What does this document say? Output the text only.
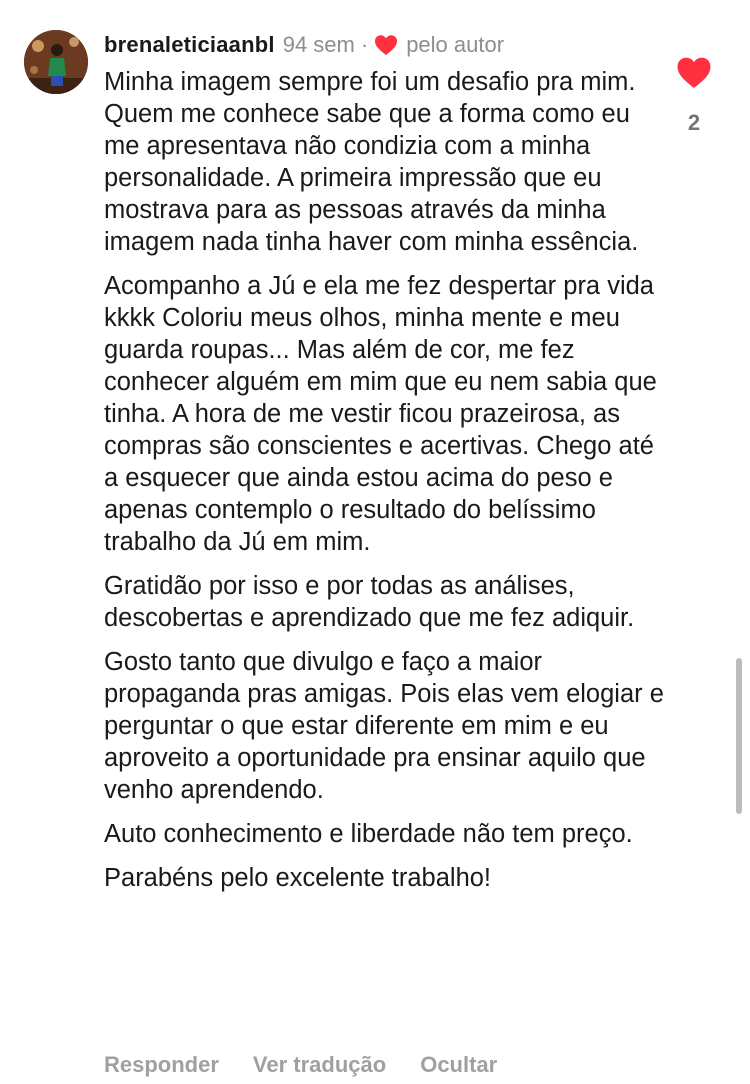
brenaleticiaanbl 94 sem · pelo autor

Minha imagem sempre foi um desafio pra mim. Quem me conhece sabe que a forma como eu me apresentava não condizia com a minha personalidade. A primeira impressão que eu mostrava para as pessoas através da minha imagem nada tinha haver com minha essência.

Acompanho a Jú e ela me fez despertar pra vida kkkk Coloriu meus olhos, minha mente e meu guarda roupas... Mas além de cor, me fez conhecer alguém em mim que eu nem sabia que tinha. A hora de me vestir ficou prazeirosa, as compras são conscientes e acertivas. Chego até a esquecer que ainda estou acima do peso e apenas contemplo o resultado do belíssimo trabalho da Jú em mim.

Gratidão por isso e por todas as análises, descobertas e aprendizado que me fez adiquir.

Gosto tanto que divulgo e faço a maior propaganda pras amigas. Pois elas vem elogiar e perguntar o que estar diferente em mim e eu aproveito a oportunidade pra ensinar aquilo que venho aprendendo.

Auto conhecimento e liberdade não tem preço.

Parabéns pelo excelente trabalho!

2
Responder Ver tradução Ocultar
